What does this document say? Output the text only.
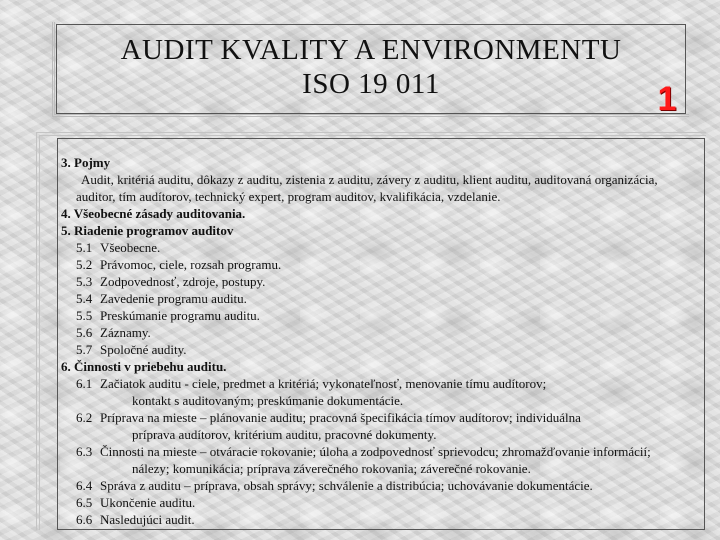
AUDIT KVALITY A ENVIRONMENTU
ISO 19 011	1

3. Pojmy

Audit, kritériá auditu, dôkazy z auditu, zistenia z auditu, závery z auditu, klient auditu, auditovaná organizácia,

auditor, tím audítorov, technický expert, program auditov, kvalifikácia, vzdelanie.

4. Všeobecné zásady auditovania.

5. Riadenie programov auditov

5.1 Všeobecne.

5.2 Právomoc, ciele, rozsah programu.

5.3 Zodpovednosť, zdroje, postupy.

5.4 Zavedenie programu auditu.

5.5 Preskúmanie programu auditu.

5.6 Záznamy.

5.7 Spoločné audity.

6. Činnosti v priebehu auditu.

6.1 Začiatok auditu - ciele, predmet a kritériá; vykonateľnosť, menovanie tímu audítorov;

kontakt s auditovaným; preskúmanie dokumentácie.

6.2 Príprava na mieste – plánovanie auditu; pracovná špecifikácia tímov audítorov; individuálna

príprava audítorov, kritérium auditu, pracovné dokumenty.

6.3 Činnosti na mieste – otváracie rokovanie; úloha a zodpovednosť sprievodcu; zhromažďovanie informácií;

nálezy; komunikácia; príprava záverečného rokovania; záverečné rokovanie.

6.4 Správa z auditu – príprava, obsah správy; schválenie a distribúcia; uchovávanie dokumentácie.

6.5 Ukončenie auditu.

6.6 Nasledujúci audit.
